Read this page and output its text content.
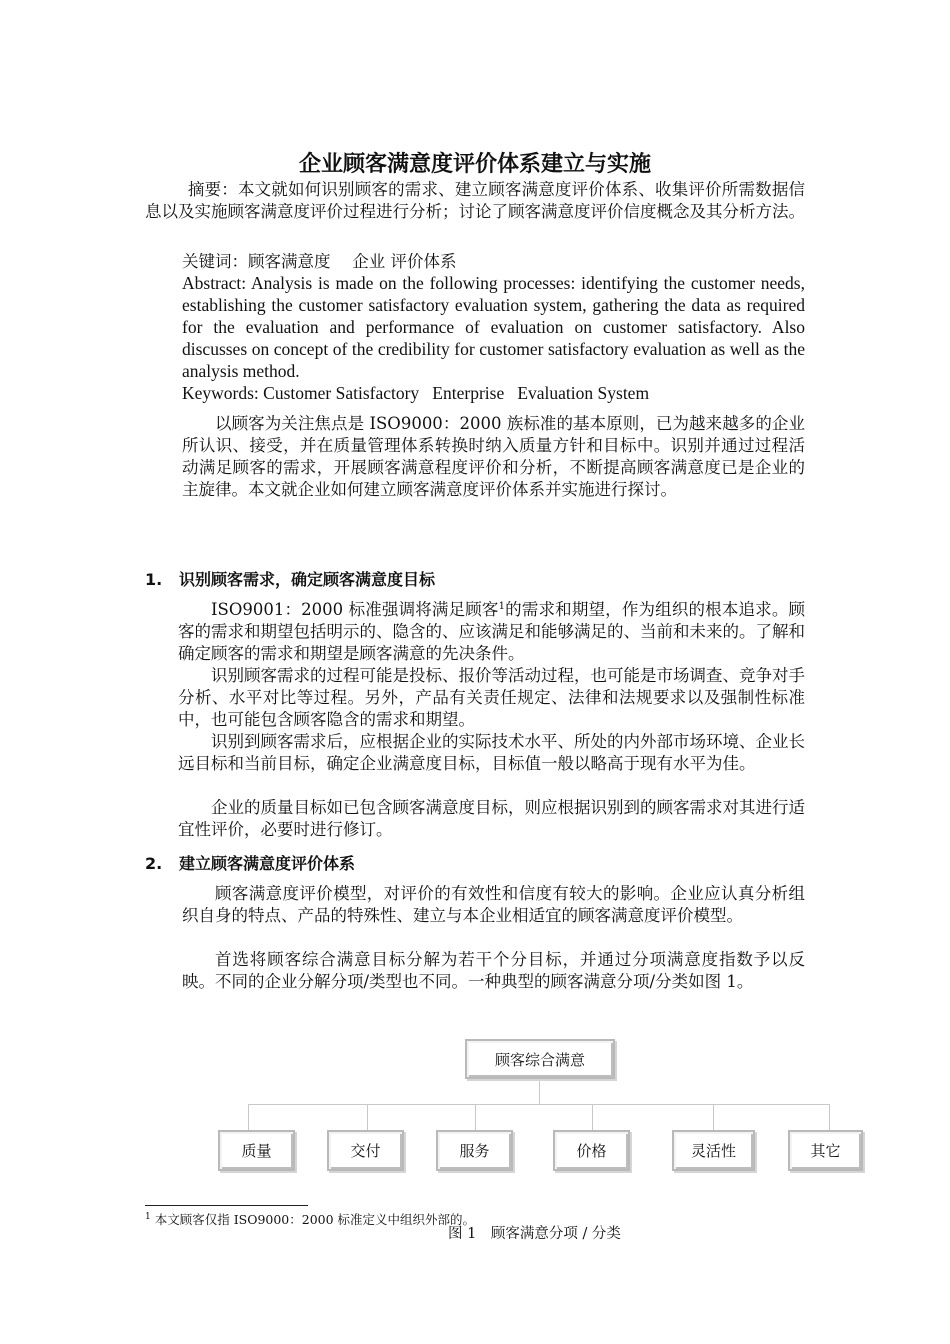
企业顾客满意度评价体系建立与实施

摘要：本文就如何识别顾客的需求、建立顾客满意度评价体系、收集评价所需数据信息以及实施顾客满意度评价过程进行分析；讨论了顾客满意度评价信度概念及其分析方法。

关键词：顾客满意度　 企业 评价体系

Abstract: Analysis is made on the following processes: identifying the customer needs, establishing the customer satisfactory evaluation system, gathering the data as required for the evaluation and performance of evaluation on customer satisfactory. Also discusses on concept of the credibility for customer satisfactory evaluation as well as the analysis method.

Keywords: Customer Satisfactory   Enterprise   Evaluation System

以顾客为关注焦点是 ISO9000：2000 族标准的基本原则，已为越来越多的企业所认识、接受，并在质量管理体系转换时纳入质量方针和目标中。识别并通过过程活动满足顾客的需求，开展顾客满意程度评价和分析，不断提高顾客满意度已是企业的主旋律。本文就企业如何建立顾客满意度评价体系并实施进行探讨。

1. 识别顾客需求，确定顾客满意度目标

ISO9001：2000 标准强调将满足顾客$^1$的需求和期望，作为组织的根本追求。顾客的需求和期望包括明示的、隐含的、应该满足和能够满足的、当前和未来的。了解和确定顾客的需求和期望是顾客满意的先决条件。

识别顾客需求的过程可能是投标、报价等活动过程，也可能是市场调查、竞争对手分析、水平对比等过程。另外，产品有关责任规定、法律和法规要求以及强制性标准中，也可能包含顾客隐含的需求和期望。

识别到顾客需求后，应根据企业的实际技术水平、所处的内外部市场环境、企业长远目标和当前目标，确定企业满意度目标，目标值一般以略高于现有水平为佳。

企业的质量目标如已包含顾客满意度目标，则应根据识别到的顾客需求对其进行适宜性评价，必要时进行修订。

2. 建立顾客满意度评价体系

顾客满意度评价模型，对评价的有效性和信度有较大的影响。企业应认真分析组织自身的特点、产品的特殊性、建立与本企业相适宜的顾客满意度评价模型。

首选将顾客综合满意目标分解为若干个分目标，并通过分项满意度指数予以反映。不同的企业分解分项/类型也不同。一种典型的顾客满意分项/分类如图 1。

顾客综合满意
质量	交付	服务	价格	灵活性	其它
$^1$ 本文顾客仅指 ISO9000：2000 标准定义中组织外部的。
图 1　顾客满意分项 / 分类
